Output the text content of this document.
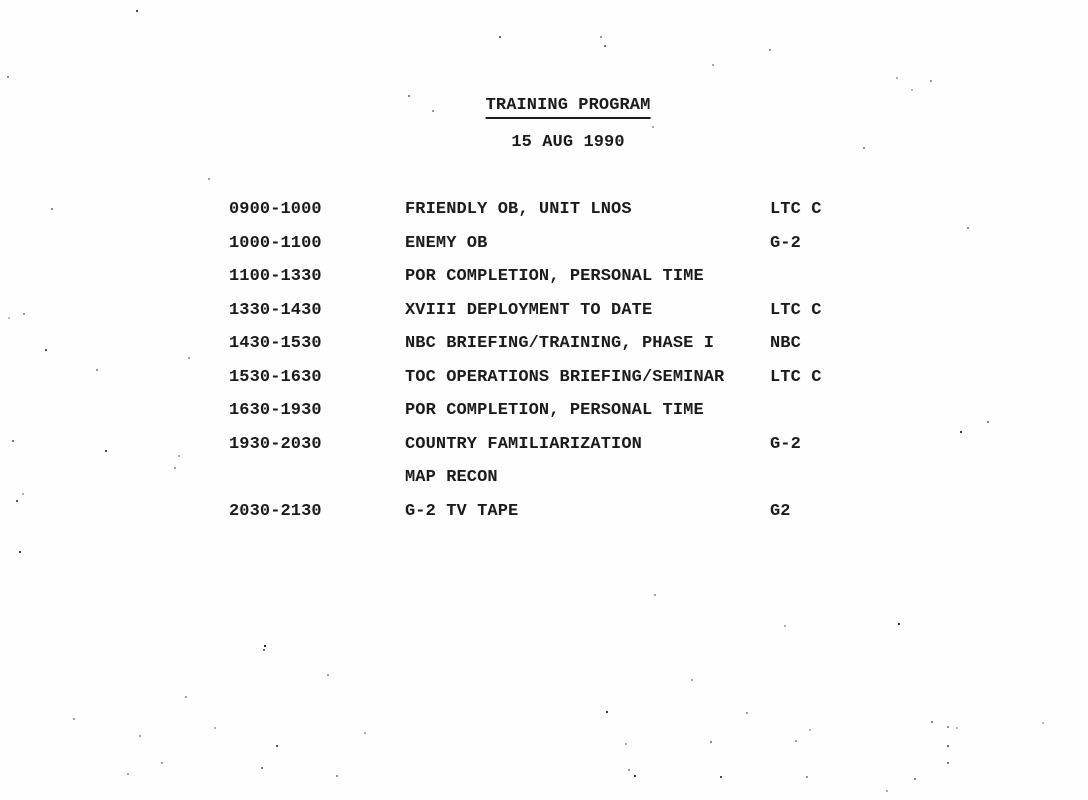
TRAINING PROGRAM
15 AUG 1990
0900-1000	FRIENDLY OB, UNIT LNOS	LTC C
1000-1100	ENEMY OB	G-2
1100-1330	POR COMPLETION, PERSONAL TIME
1330-1430	XVIII DEPLOYMENT TO DATE	LTC C
1430-1530	NBC BRIEFING/TRAINING, PHASE I	NBC
1530-1630	TOC OPERATIONS BRIEFING/SEMINAR	LTC C
1630-1930	POR COMPLETION, PERSONAL TIME
1930-2030	COUNTRY FAMILIARIZATION	G-2
MAP RECON
2030-2130	G-2 TV TAPE	G2
